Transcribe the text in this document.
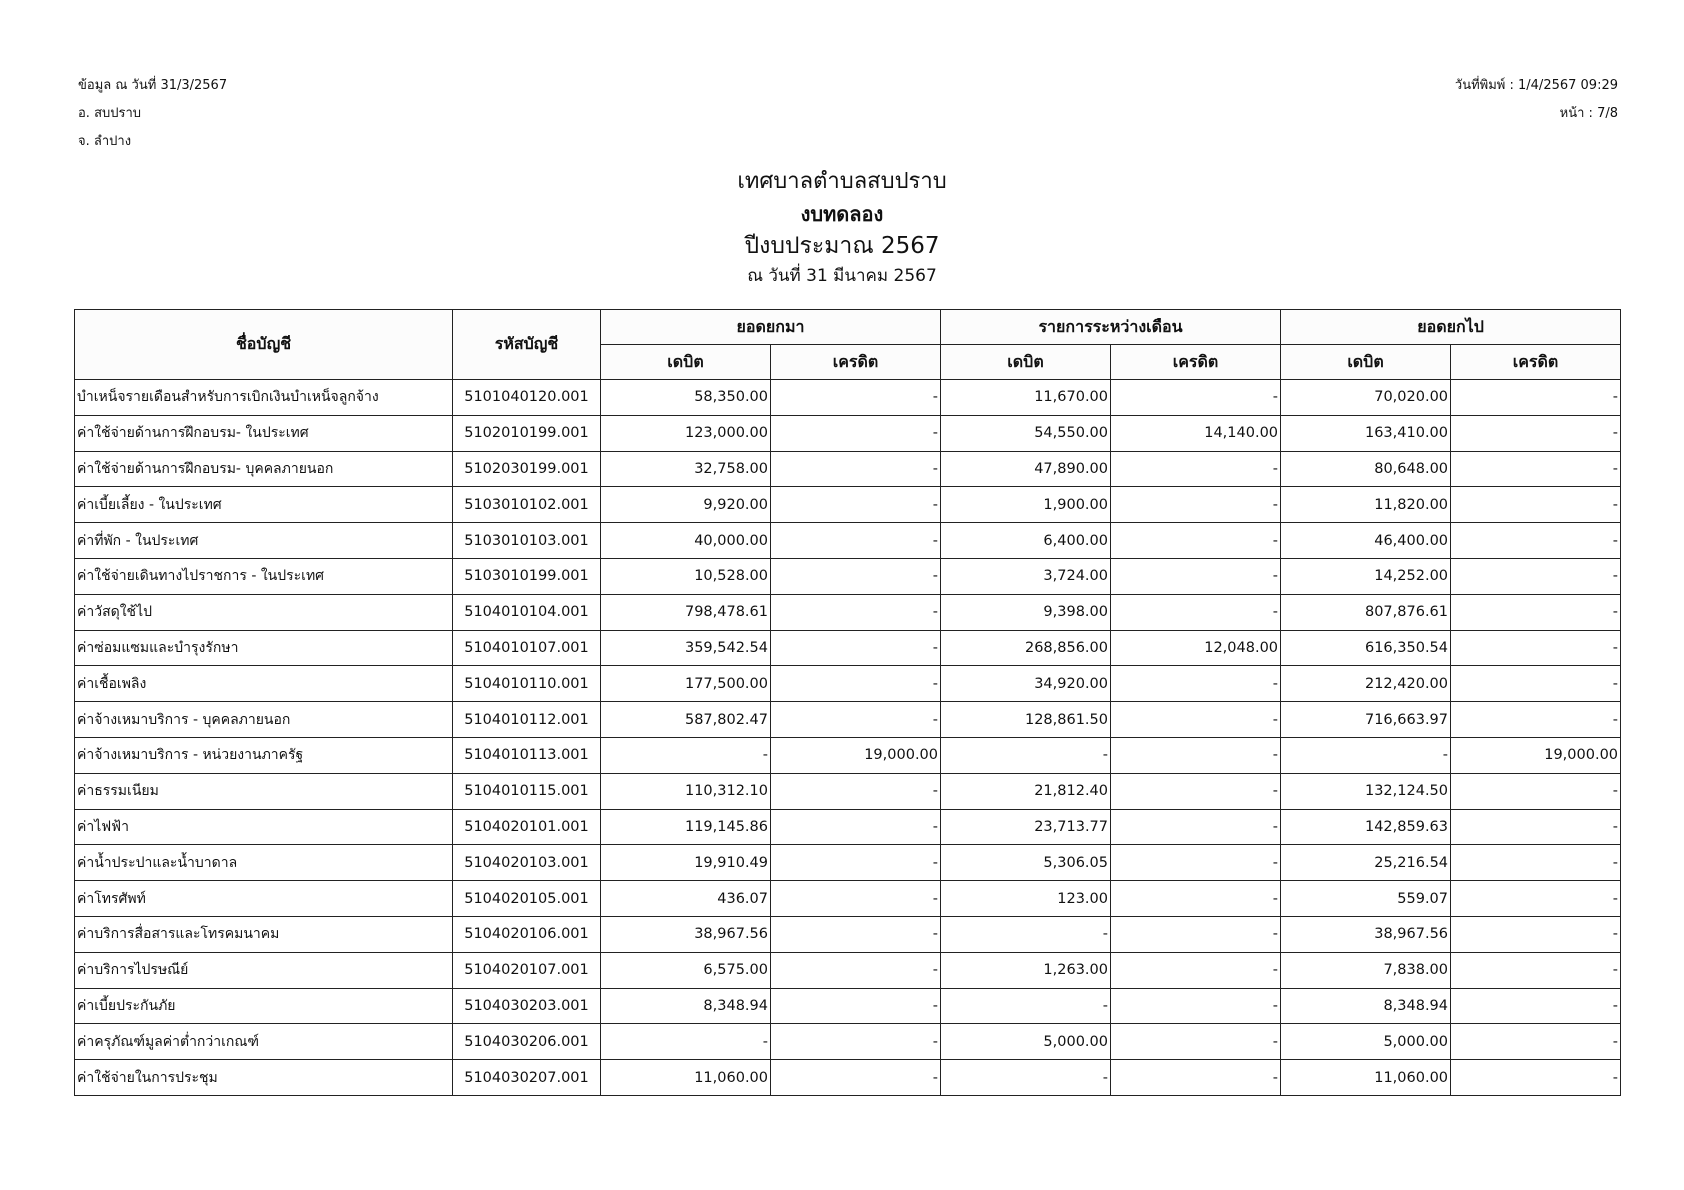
ข้อมูล ณ วันที่ 31/3/2567
อ. สบปราบ
จ. ลำปาง
วันที่พิมพ์ : 1/4/2567 09:29
หน้า : 7/8
เทศบาลตำบลสบปราบ
งบทดลอง
ปีงบประมาณ 2567
ณ วันที่ 31 มีนาคม 2567
ชื่อบัญชี	รหัสบัญชี	ยอดยกมา		รายการระหว่างเดือน		ยอดยกไป	
		เดบิต	เครดิต	เดบิต	เครดิต	เดบิต	เครดิต
บำเหน็จรายเดือนสำหรับการเบิกเงินบำเหน็จลูกจ้าง	5101040120.001	58,350.00	-	11,670.00	-	70,020.00	-
ค่าใช้จ่ายด้านการฝึกอบรม- ในประเทศ	5102010199.001	123,000.00	-	54,550.00	14,140.00	163,410.00	-
ค่าใช้จ่ายด้านการฝึกอบรม- บุคคลภายนอก	5102030199.001	32,758.00	-	47,890.00	-	80,648.00	-
ค่าเบี้ยเลี้ยง - ในประเทศ	5103010102.001	9,920.00	-	1,900.00	-	11,820.00	-
ค่าที่พัก - ในประเทศ	5103010103.001	40,000.00	-	6,400.00	-	46,400.00	-
ค่าใช้จ่ายเดินทางไปราชการ - ในประเทศ	5103010199.001	10,528.00	-	3,724.00	-	14,252.00	-
ค่าวัสดุใช้ไป	5104010104.001	798,478.61	-	9,398.00	-	807,876.61	-
ค่าซ่อมแซมและบำรุงรักษา	5104010107.001	359,542.54	-	268,856.00	12,048.00	616,350.54	-
ค่าเชื้อเพลิง	5104010110.001	177,500.00	-	34,920.00	-	212,420.00	-
ค่าจ้างเหมาบริการ - บุคคลภายนอก	5104010112.001	587,802.47	-	128,861.50	-	716,663.97	-
ค่าจ้างเหมาบริการ - หน่วยงานภาครัฐ	5104010113.001	-	19,000.00	-	-	-	19,000.00
ค่าธรรมเนียม	5104010115.001	110,312.10	-	21,812.40	-	132,124.50	-
ค่าไฟฟ้า	5104020101.001	119,145.86	-	23,713.77	-	142,859.63	-
ค่าน้ำประปาและน้ำบาดาล	5104020103.001	19,910.49	-	5,306.05	-	25,216.54	-
ค่าโทรศัพท์	5104020105.001	436.07	-	123.00	-	559.07	-
ค่าบริการสื่อสารและโทรคมนาคม	5104020106.001	38,967.56	-	-	-	38,967.56	-
ค่าบริการไปรษณีย์	5104020107.001	6,575.00	-	1,263.00	-	7,838.00	-
ค่าเบี้ยประกันภัย	5104030203.001	8,348.94	-	-	-	8,348.94	-
ค่าครุภัณฑ์มูลค่าต่ำกว่าเกณฑ์	5104030206.001	-	-	5,000.00	-	5,000.00	-
ค่าใช้จ่ายในการประชุม	5104030207.001	11,060.00	-	-	-	11,060.00	-
